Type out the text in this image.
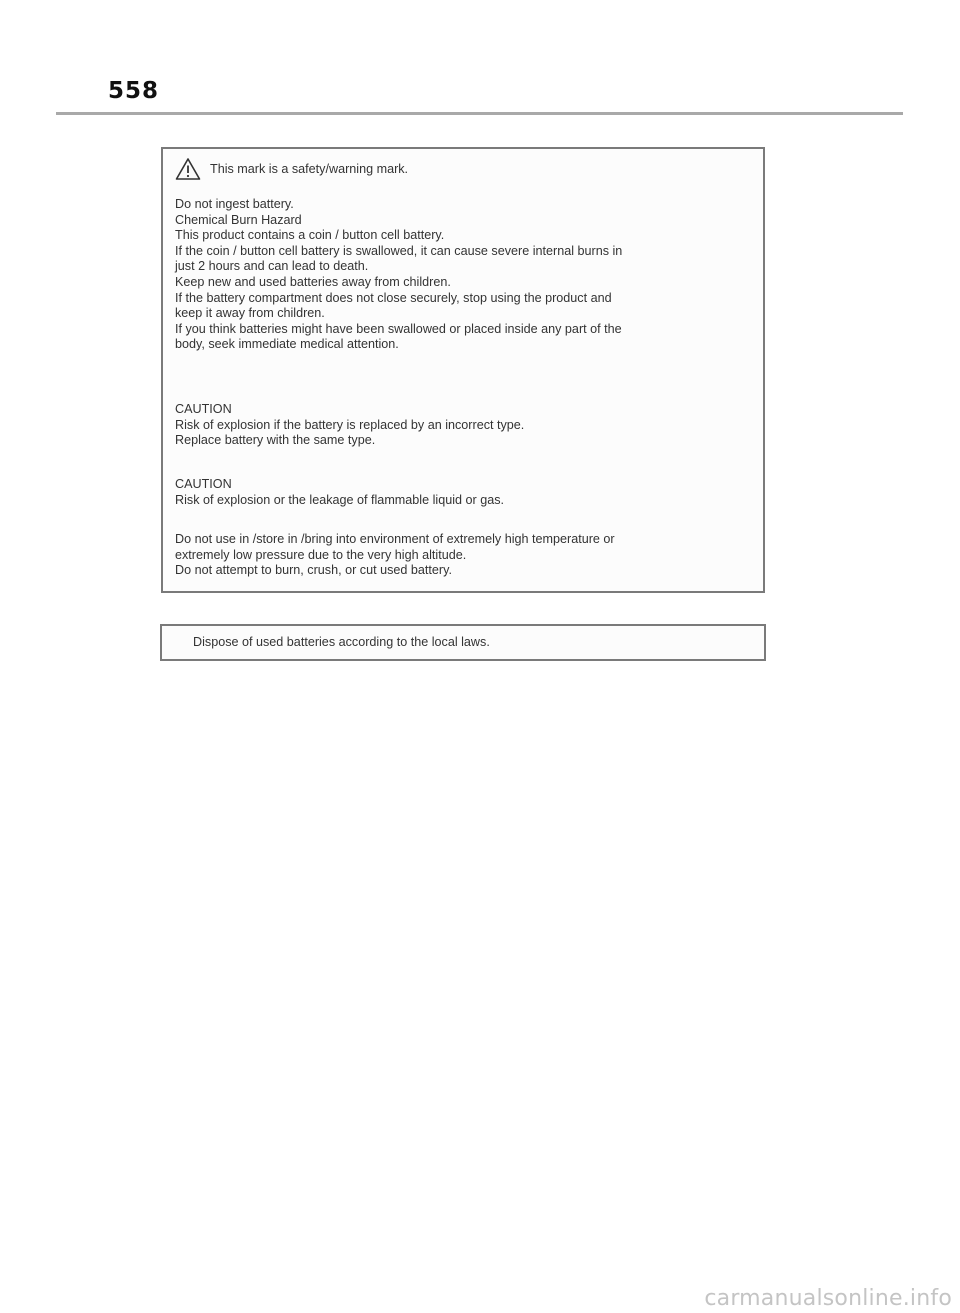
558
This mark is a safety/warning mark.
Do not ingest battery.
Chemical Burn Hazard
This product contains a coin / button cell battery.
If the coin / button cell battery is swallowed, it can cause severe internal burns in
just 2 hours and can lead to death.
Keep new and used batteries away from children.
If the battery compartment does not close securely, stop using the product and
keep it away from children.
If you think batteries might have been swallowed or placed inside any part of the
body, seek immediate medical attention.
CAUTION
Risk of explosion if the battery is replaced by an incorrect type.
Replace battery with the same type.
CAUTION
Risk of explosion or the leakage of flammable liquid or gas.
Do not use in /store in /bring into environment of extremely high temperature or
extremely low pressure due to the very high altitude.
Do not attempt to burn, crush, or cut used battery.
Dispose of used batteries according to the local laws.
carmanualsonline.info
